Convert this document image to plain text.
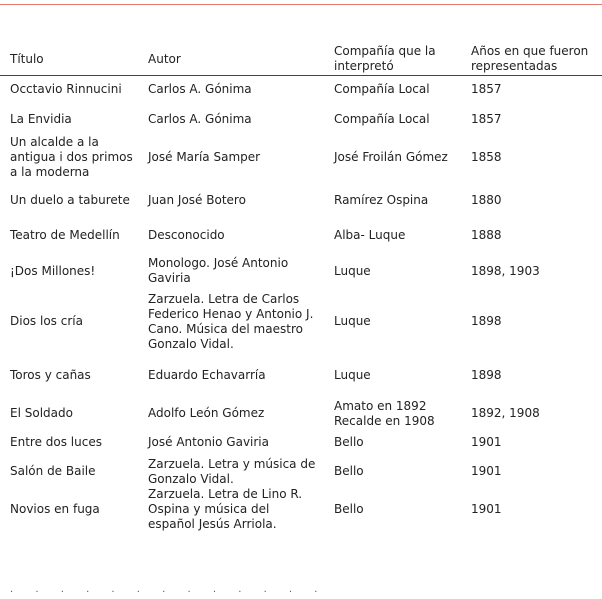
Título	Autor	Compañía que la interpretó	Años en que fueron representadas
Occtavio Rinnucini	Carlos A. Gónima	Compañía Local	1857
La Envidia	Carlos A. Gónima	Compañía Local	1857
Un alcalde a la antigua i dos primos a la moderna	José María Samper	José Froilán Gómez	1858
Un duelo a taburete	Juan José Botero	Ramírez Ospina	1880
Teatro de Medellín	Desconocido	Alba- Luque	1888
¡Dos Millones!	Monologo. José Antonio Gaviria	Luque	1898, 1903
Dios los cría	Zarzuela. Letra de Carlos Federico Henao y Antonio J. Cano. Música del maestro Gonzalo Vidal.	Luque	1898
Toros y cañas	Eduardo Echavarría	Luque	1898
El Soldado	Adolfo León Gómez	Amato en 1892 Recalde en 1908	1892, 1908
Entre dos luces	José Antonio Gaviria	Bello	1901
Salón de Baile	Zarzuela. Letra y música de Gonzalo Vidal.	Bello	1901
Novios en fuga	Zarzuela. Letra de Lino R. Ospina y música del español Jesús Arriola.	Bello	1901
. . . . . . . . . . . . .
